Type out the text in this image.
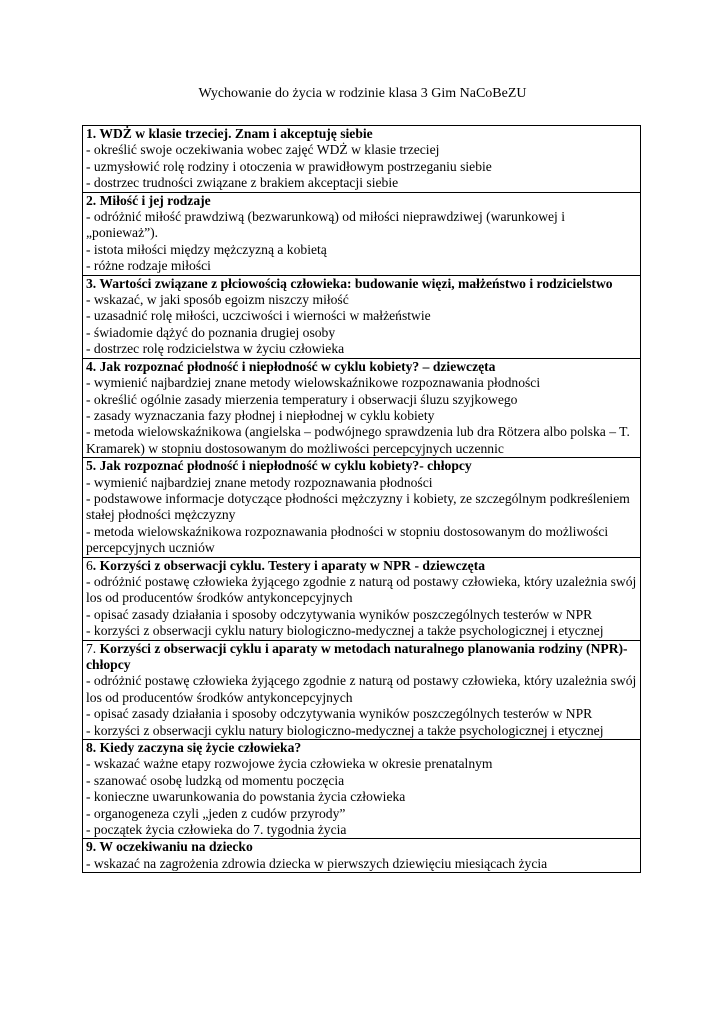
Wychowanie do życia w rodzinie klasa 3 Gim NaCoBeZU
1. WDŻ w klasie trzeciej. Znam i akceptuję siebie
- określić swoje oczekiwania wobec zajęć WDŻ w klasie trzeciej
- uzmysłowić rolę rodziny i otoczenia w prawidłowym postrzeganiu siebie
- dostrzec trudności związane z brakiem akceptacji siebie

2. Miłość i jej rodzaje
- odróżnić miłość prawdziwą (bezwarunkową) od miłości nieprawdziwej (warunkowej i „ponieważ”).
- istota miłości między mężczyzną a kobietą
- różne rodzaje miłości

3. Wartości związane z płciowością człowieka: budowanie więzi, małżeństwo i rodzicielstwo
- wskazać, w jaki sposób egoizm niszczy miłość
- uzasadnić rolę miłości, uczciwości i wierności w małżeństwie
- świadomie dążyć do poznania drugiej osoby
- dostrzec rolę rodzicielstwa w życiu człowieka

4. Jak rozpoznać płodność i niepłodność w cyklu kobiety? – dziewczęta
- wymienić najbardziej znane metody wielowskaźnikowe rozpoznawania płodności
- określić ogólnie zasady mierzenia temperatury i obserwacji śluzu szyjkowego
- zasady wyznaczania fazy płodnej i niepłodnej w cyklu kobiety
- metoda wielowskaźnikowa (angielska – podwójnego sprawdzenia lub dra Rötzera albo polska – T. Kramarek) w stopniu dostosowanym do możliwości percepcyjnych uczennic

5. Jak rozpoznać płodność i niepłodność w cyklu kobiety?- chłopcy
- wymienić najbardziej znane metody rozpoznawania płodności
- podstawowe informacje dotyczące płodności mężczyzny i kobiety, ze szczególnym podkreśleniem stałej płodności mężczyzny
- metoda wielowskaźnikowa rozpoznawania płodności w stopniu dostosowanym do możliwości percepcyjnych uczniów

6. Korzyści z obserwacji cyklu. Testery i aparaty w NPR - dziewczęta
- odróżnić postawę człowieka żyjącego zgodnie z naturą od postawy człowieka, który uzależnia swój los od producentów środków antykoncepcyjnych
- opisać zasady działania i sposoby odczytywania wyników poszczególnych testerów w NPR
- korzyści z obserwacji cyklu natury biologiczno-medycznej a także psychologicznej i etycznej

7. Korzyści z obserwacji cyklu i aparaty w metodach naturalnego planowania rodziny (NPR)- chłopcy
- odróżnić postawę człowieka żyjącego zgodnie z naturą od postawy człowieka, który uzależnia swój los od producentów środków antykoncepcyjnych
- opisać zasady działania i sposoby odczytywania wyników poszczególnych testerów w NPR
- korzyści z obserwacji cyklu natury biologiczno-medycznej a także psychologicznej i etycznej

8. Kiedy zaczyna się życie człowieka?
- wskazać ważne etapy rozwojowe życia człowieka w okresie prenatalnym
- szanować osobę ludzką od momentu poczęcia
- konieczne uwarunkowania do powstania życia człowieka
- organogeneza czyli „jeden z cudów przyrody”
- początek życia człowieka do 7. tygodnia życia

9. W oczekiwaniu na dziecko
- wskazać na zagrożenia zdrowia dziecka w pierwszych dziewięciu miesiącach życia
